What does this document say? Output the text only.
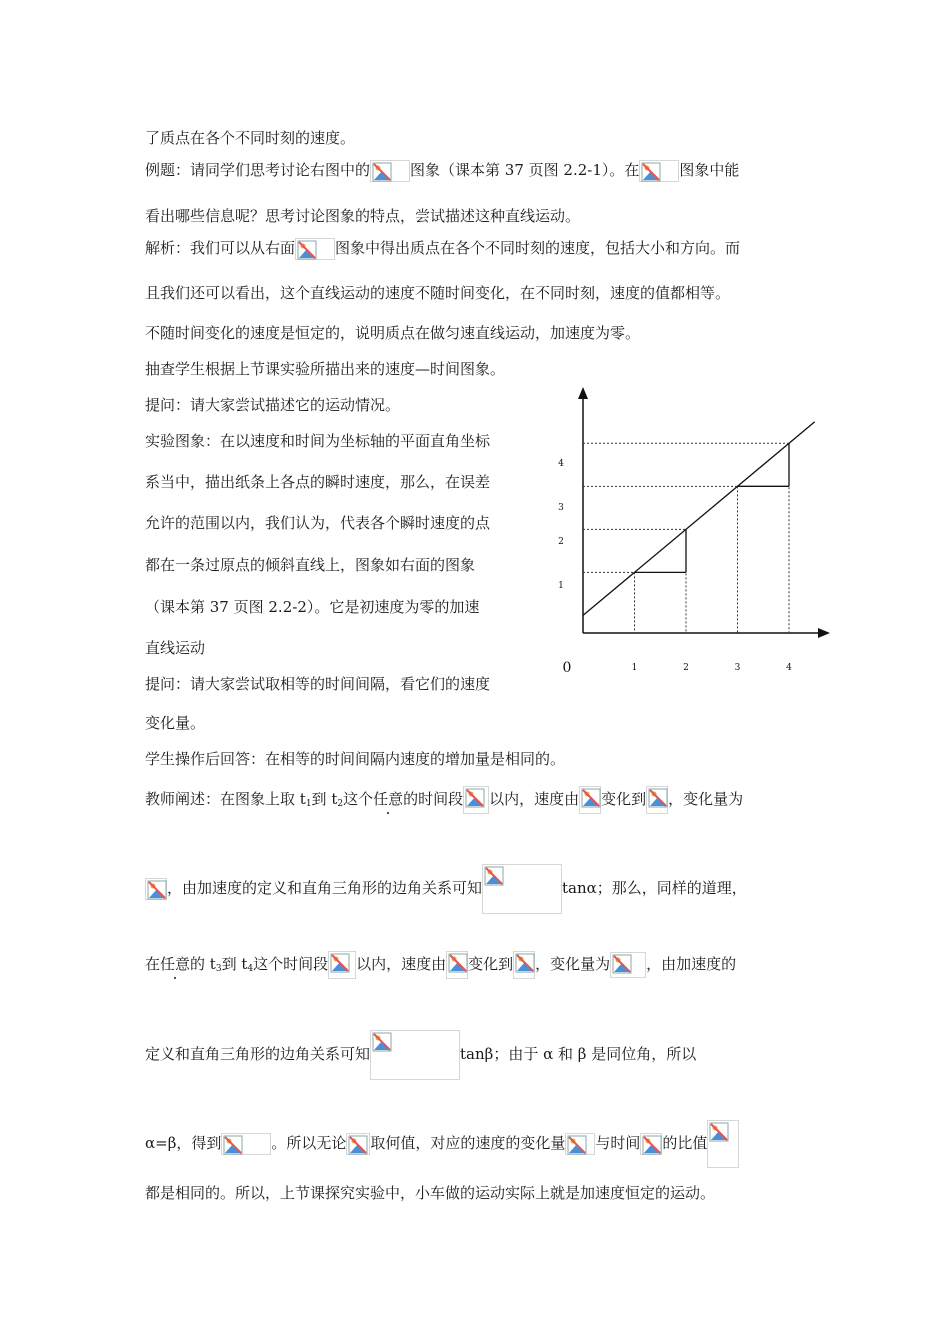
了质点在各个不同时刻的速度。
例题：请同学们思考讨论右图中的	图象（课本第 37 页图 2.2-1）。在	图象中能
看出哪些信息呢？思考讨论图象的特点，尝试描述这种直线运动。
解析：我们可以从右面	图象中得出质点在各个不同时刻的速度，包括大小和方向。而
且我们还可以看出，这个直线运动的速度不随时间变化，在不同时刻，速度的值都相等。
不随时间变化的速度是恒定的，说明质点在做匀速直线运动，加速度为零。
抽查学生根据上节课实验所描出来的速度—时间图象。
提问：请大家尝试描述它的运动情况。
实验图象：在以速度和时间为坐标轴的平面直角坐标
系当中，描出纸条上各点的瞬时速度，那么，在误差
允许的范围以内，我们认为，代表各个瞬时速度的点
都在一条过原点的倾斜直线上，图象如右面的图象
（课本第 37 页图 2.2-2）。它是初速度为零的加速
直线运动
提问：请大家尝试取相等的时间间隔，看它们的速度
变化量。
学生操作后回答：在相等的时间间隔内速度的增加量是相同的。
教师阐述：在图象上取 $t_1$到 $t_2$这个任意的时间段 以内，速度由 变化到 ，变化量为
，由加速度的定义和直角三角形的边角关系可知	tanα；那么，同样的道理，
在任意的 $t_3$到 $t_4$这个时间段 以内，速度由 变化到 ，变化量为 ，由加速度的
定义和直角三角形的边角关系可知	tanβ；由于 α 和 β 是同位角，所以
α=β，得到	。所以无论 取何值，对应的速度的变化量 与时间 的比值
都是相同的。所以，上节课探究实验中，小车做的运动实际上就是加速度恒定的运动。
1	2	3	4
1
2
3
4
0
